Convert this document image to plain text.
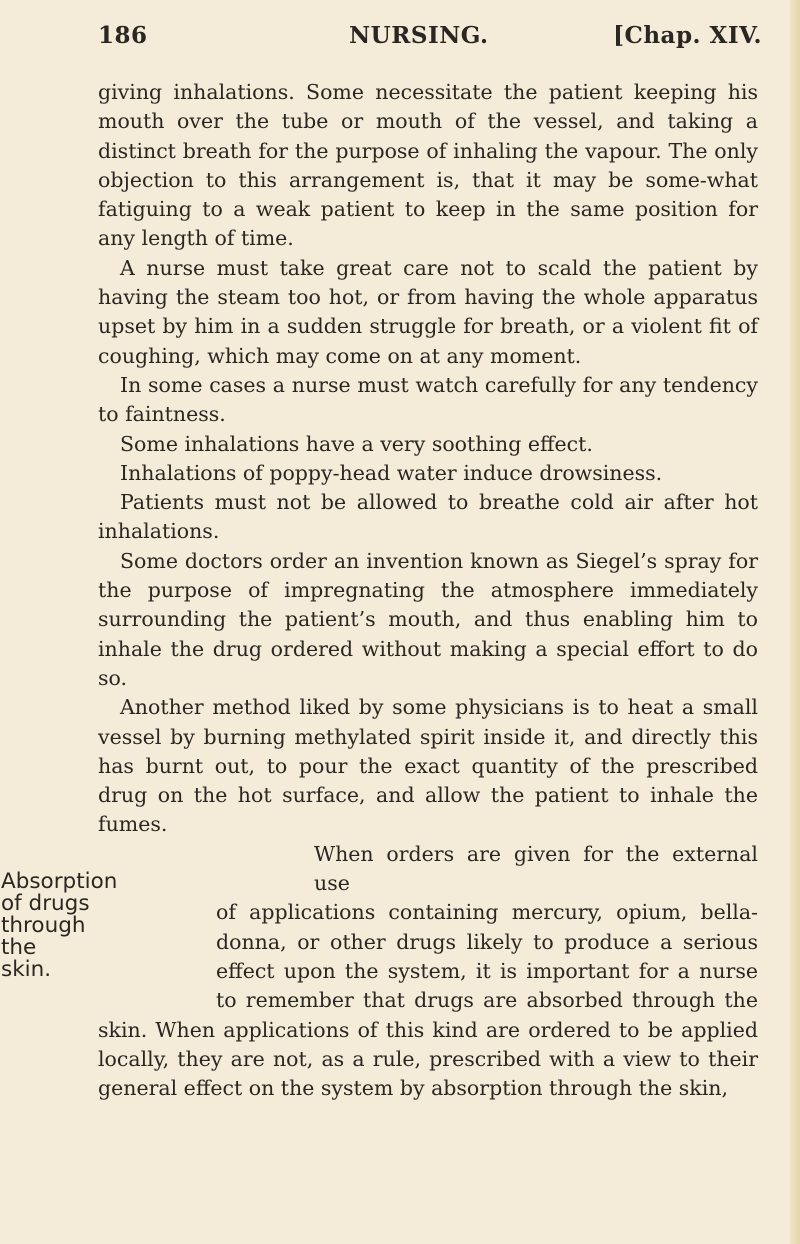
186	NURSING.	[Chap. XIV.

giving inhalations. Some necessitate the patient keeping his mouth over the tube or mouth of the vessel, and taking a distinct breath for the purpose of inhaling the vapour. The only objection to this arrangement is, that it may be some-what fatiguing to a weak patient to keep in the same position for any length of time.

A nurse must take great care not to scald the patient by having the steam too hot, or from having the whole apparatus upset by him in a sudden struggle for breath, or a violent fit of coughing, which may come on at any moment.

In some cases a nurse must watch carefully for any tendency to faintness.

Some inhalations have a very soothing effect.

Inhalations of poppy-head water induce drowsiness.

Patients must not be allowed to breathe cold air after hot inhalations.

Some doctors order an invention known as Siegel’s spray for the purpose of impregnating the atmosphere immediately surrounding the patient’s mouth, and thus enabling him to inhale the drug ordered without making a special effort to do so.

Another method liked by some physicians is to heat a small vessel by burning methylated spirit inside it, and directly this has burnt out, to pour the exact quantity of the prescribed drug on the hot surface, and allow the patient to inhale the fumes.

Absorption
of drugs
through
the skin.

When orders are given for the external use

of applications containing mercury, opium, bella-

donna, or other drugs likely to produce a serious

effect upon the system, it is important for a nurse

to remember that drugs are absorbed through the

skin. When applications of this kind are ordered to be applied locally, they are not, as a rule, prescribed with a view to their general effect on the system by absorption through the skin,
